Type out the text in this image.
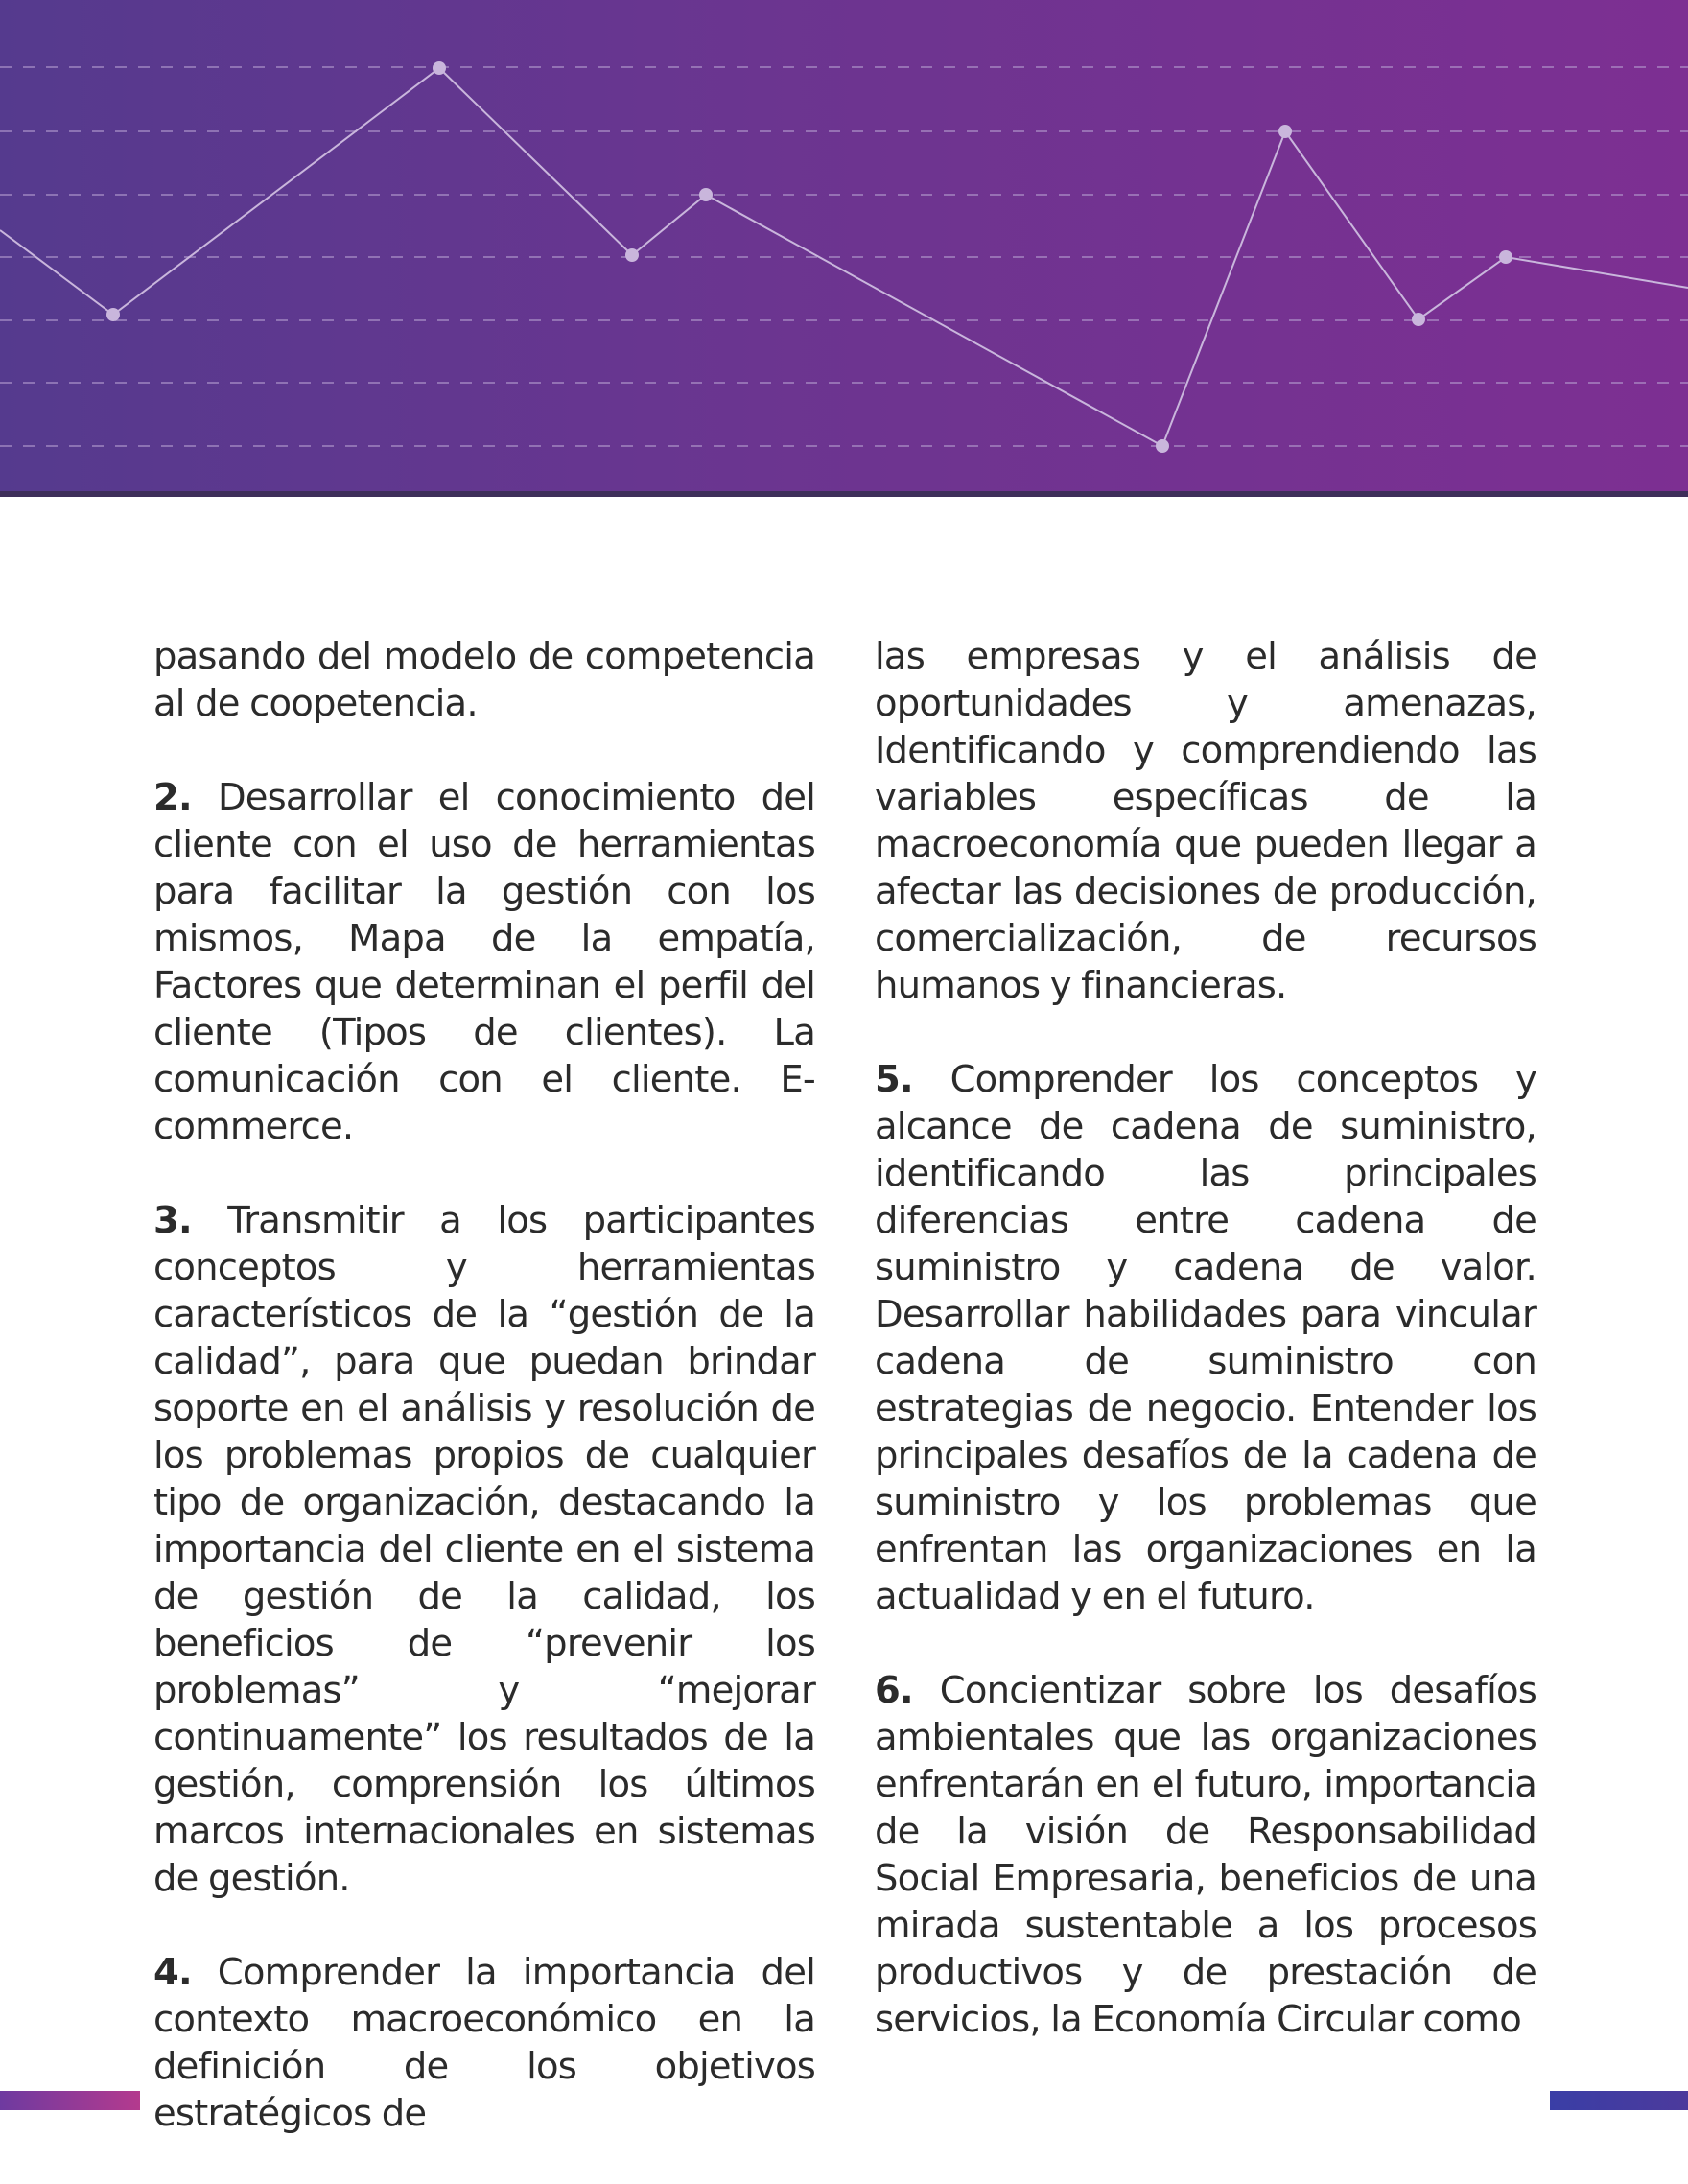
pasando del modelo de competencia al de coopetencia.

2. Desarrollar el conocimiento del cliente con el uso de herramientas para facilitar la gestión con los mismos, Mapa de la empatía, Factores que determinan el perfil del cliente (Tipos de clientes). La comunicación con el cliente. E-commerce.

3. Transmitir a los participantes conceptos y herramientas característicos de la “gestión de la calidad”, para que puedan brindar soporte en el análisis y resolución de los problemas propios de cualquier tipo de organización, destacando la importancia del cliente en el sistema de gestión de la calidad, los beneficios de “prevenir los problemas” y “mejorar continuamente” los resultados de la gestión, comprensión los últimos marcos internacionales en sistemas de gestión.

4. Comprender la importancia del contexto macroeconómico en la definición de los objetivos estratégicos de

las empresas y el análisis de oportunidades y amenazas, Identificando y comprendiendo las variables específicas de la macroeconomía que pueden llegar a afectar las decisiones de producción, comercialización, de recursos humanos y financieras.

5. Comprender los conceptos y alcance de cadena de suministro, identificando las principales diferencias entre cadena de suministro y cadena de valor. Desarrollar habilidades para vincular cadena de suministro con estrategias de negocio. Entender los principales desafíos de la cadena de suministro y los problemas que enfrentan las organizaciones en la actualidad y en el futuro.

6. Concientizar sobre los desafíos ambientales que las organizaciones enfrentarán en el futuro, importancia de la visión de Responsabilidad Social Empresaria, beneficios de una mirada sustentable a los procesos productivos y de prestación de servicios, la Economía Circular como
